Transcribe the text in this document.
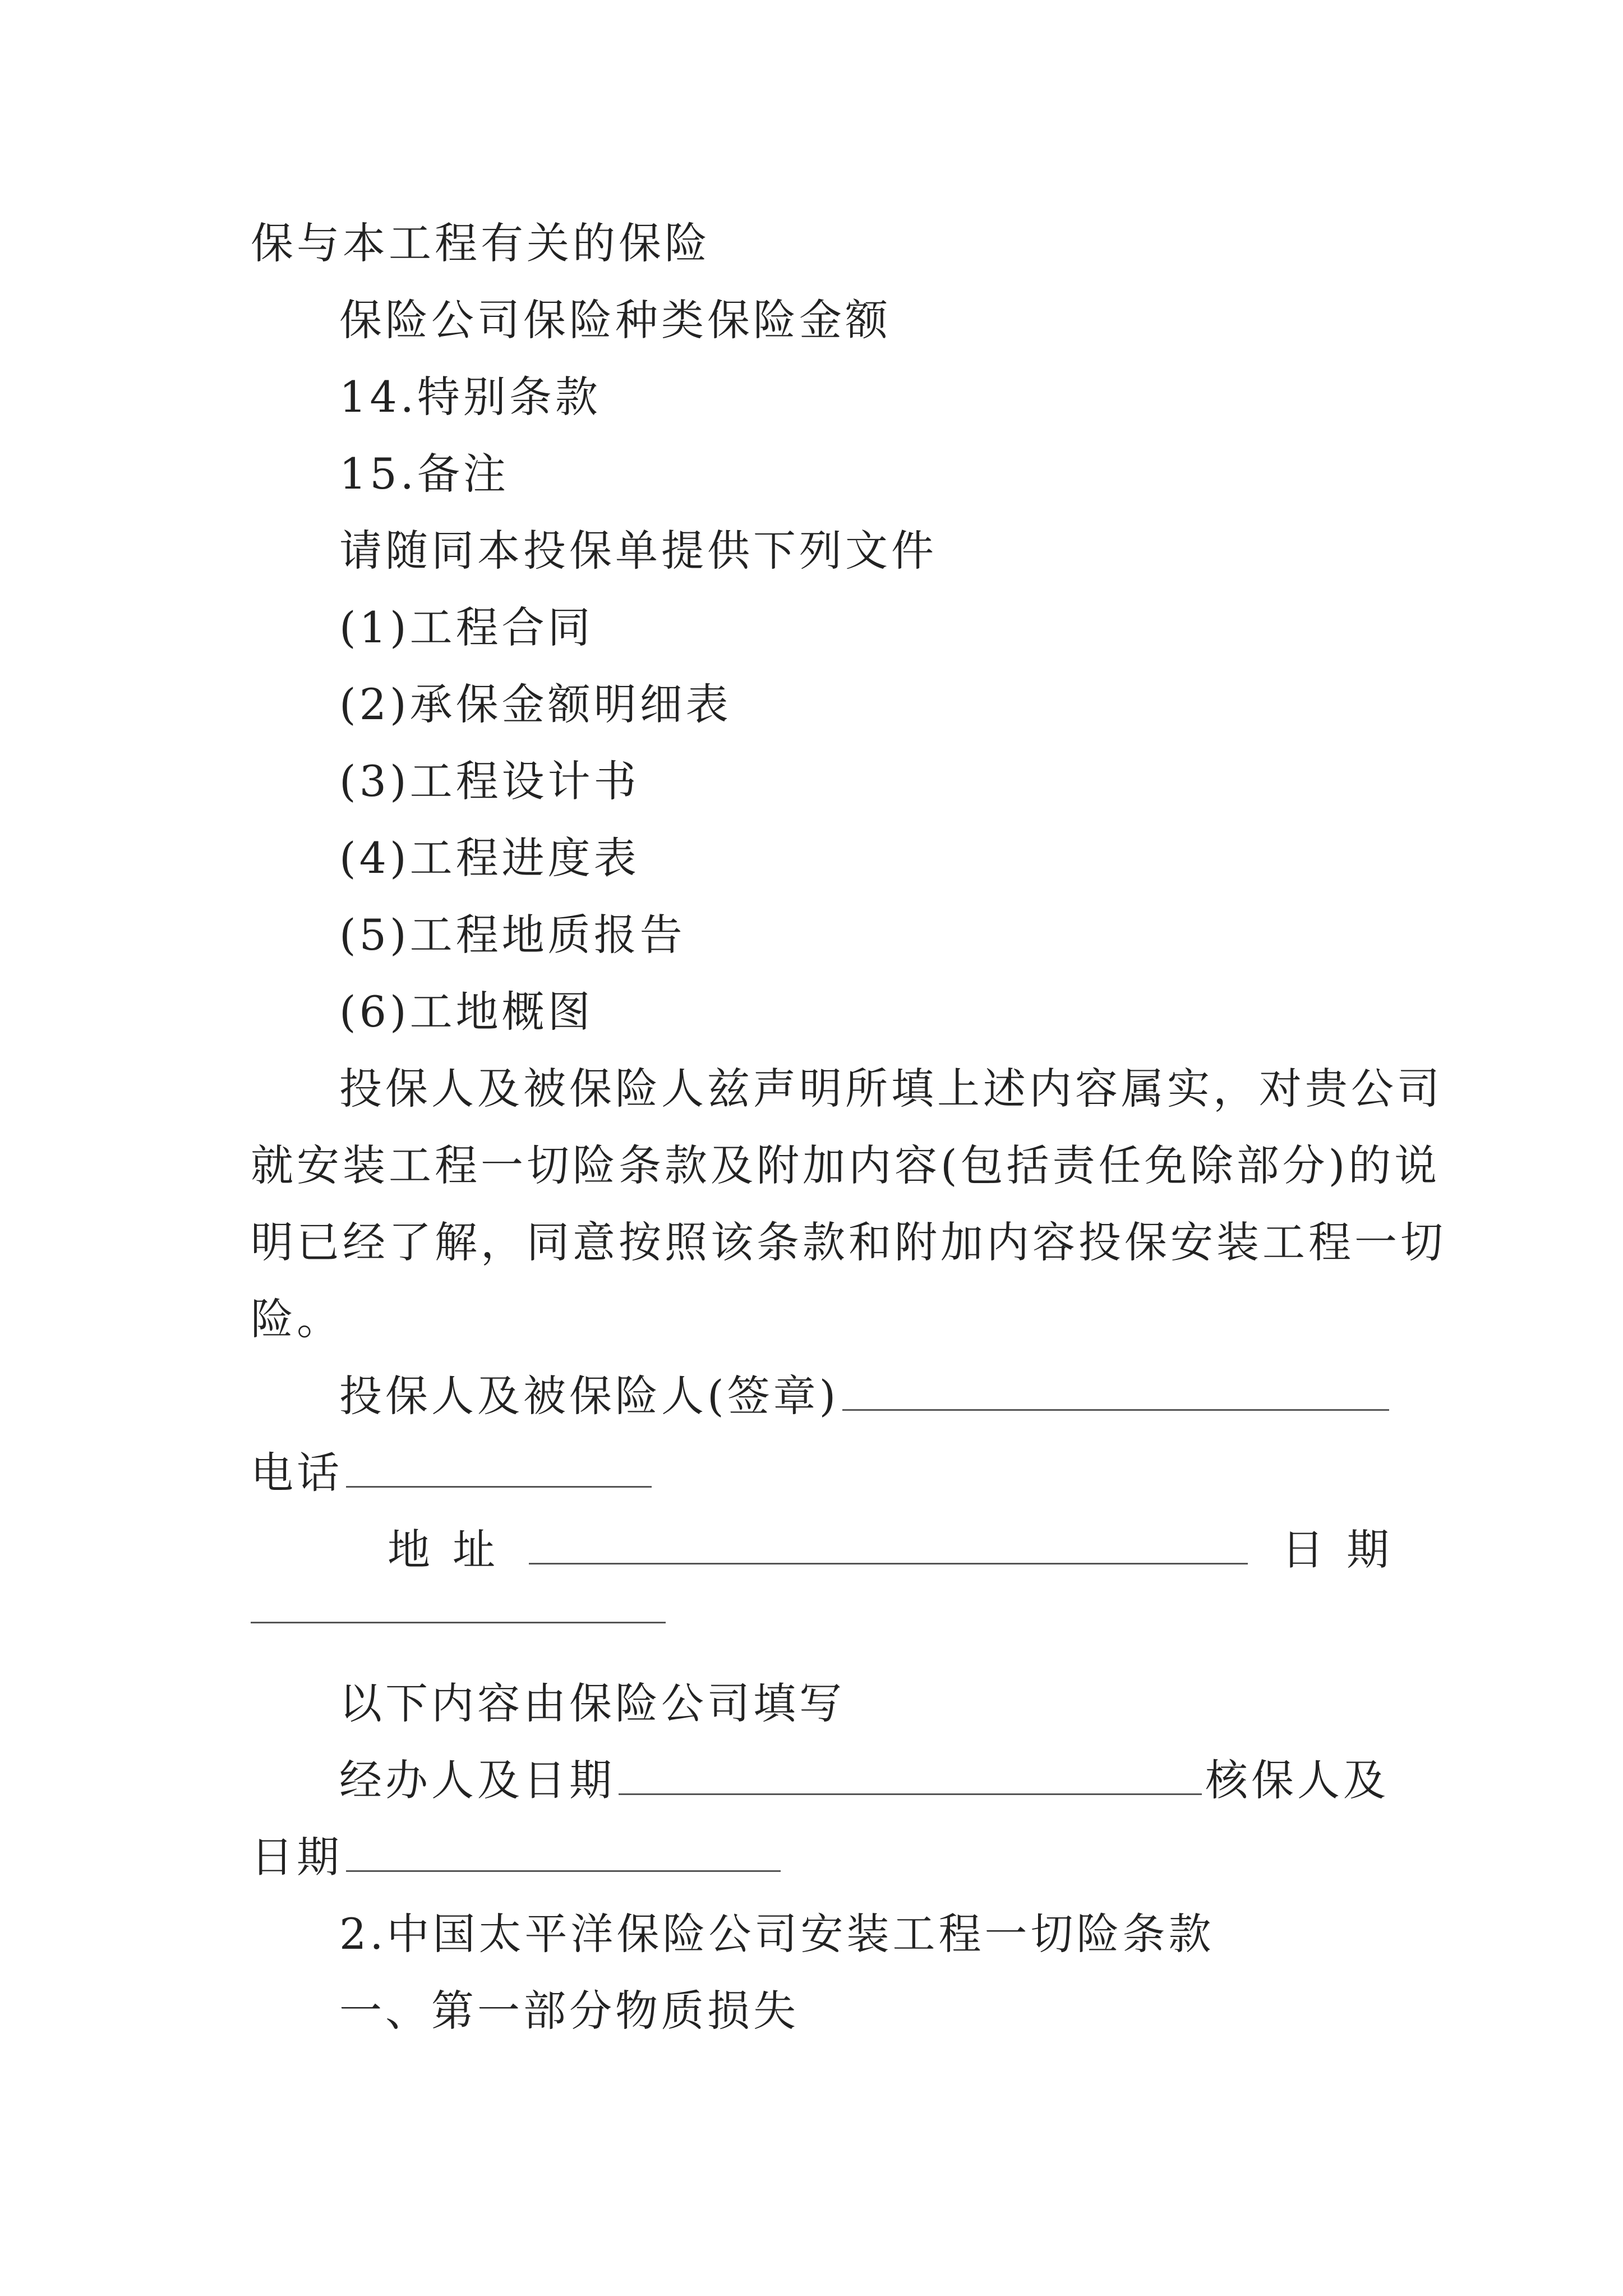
保与本工程有关的保险
保险公司保险种类保险金额
14.特别条款
15.备注
请随同本投保单提供下列文件
(1)工程合同
(2)承保金额明细表
(3)工程设计书
(4)工程进度表
(5)工程地质报告
(6)工地概图
投保人及被保险人兹声明所填上述内容属实，对贵公司
就安装工程一切险条款及附加内容(包括责任免除部分)的说
明已经了解，同意按照该条款和附加内容投保安装工程一切
险。
投保人及被保险人(签章)
电话
地址	日期
以下内容由保险公司填写
经办人及日期	核保人及
日期
2.中国太平洋保险公司安装工程一切险条款
一、第一部分物质损失
